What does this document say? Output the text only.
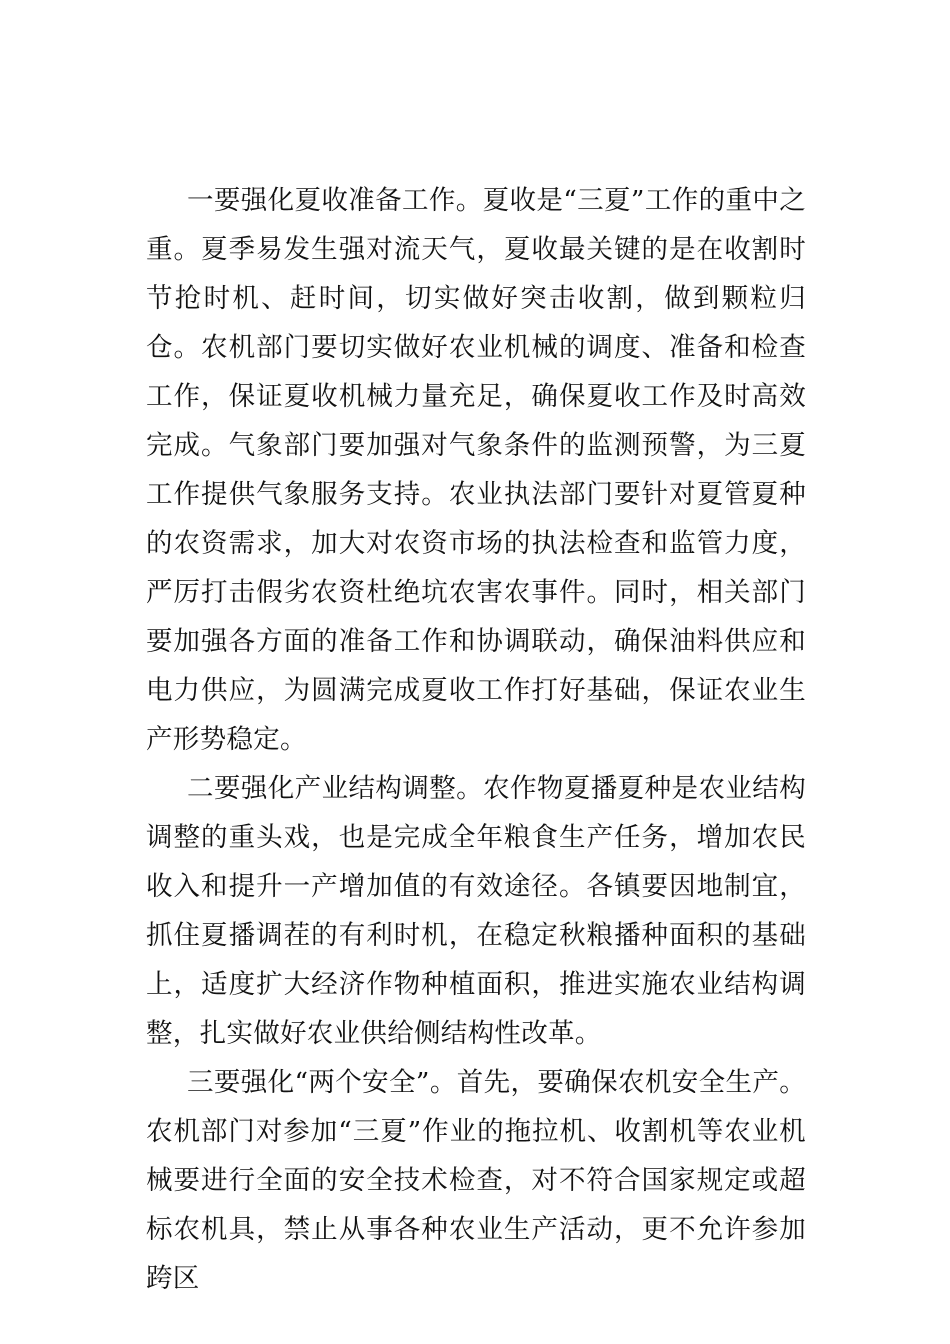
一要强化夏收准备工作。夏收是“三夏”工作的重中之重。夏季易发生强对流天气，夏收最关键的是在收割时节抢时机、赶时间，切实做好突击收割，做到颗粒归仓。农机部门要切实做好农业机械的调度、准备和检查工作，保证夏收机械力量充足，确保夏收工作及时高效完成。气象部门要加强对气象条件的监测预警，为三夏工作提供气象服务支持。农业执法部门要针对夏管夏种的农资需求，加大对农资市场的执法检查和监管力度，严厉打击假劣农资杜绝坑农害农事件。同时，相关部门要加强各方面的准备工作和协调联动，确保油料供应和电力供应，为圆满完成夏收工作打好基础，保证农业生产形势稳定。

二要强化产业结构调整。农作物夏播夏种是农业结构调整的重头戏，也是完成全年粮食生产任务，增加农民收入和提升一产增加值的有效途径。各镇要因地制宜，抓住夏播调茬的有利时机，在稳定秋粮播种面积的基础上，适度扩大经济作物种植面积，推进实施农业结构调整，扎实做好农业供给侧结构性改革。

三要强化“两个安全”。首先，要确保农机安全生产。农机部门对参加“三夏”作业的拖拉机、收割机等农业机械要进行全面的安全技术检查，对不符合国家规定或超标农机具，禁止从事各种农业生产活动，更不允许参加跨区
